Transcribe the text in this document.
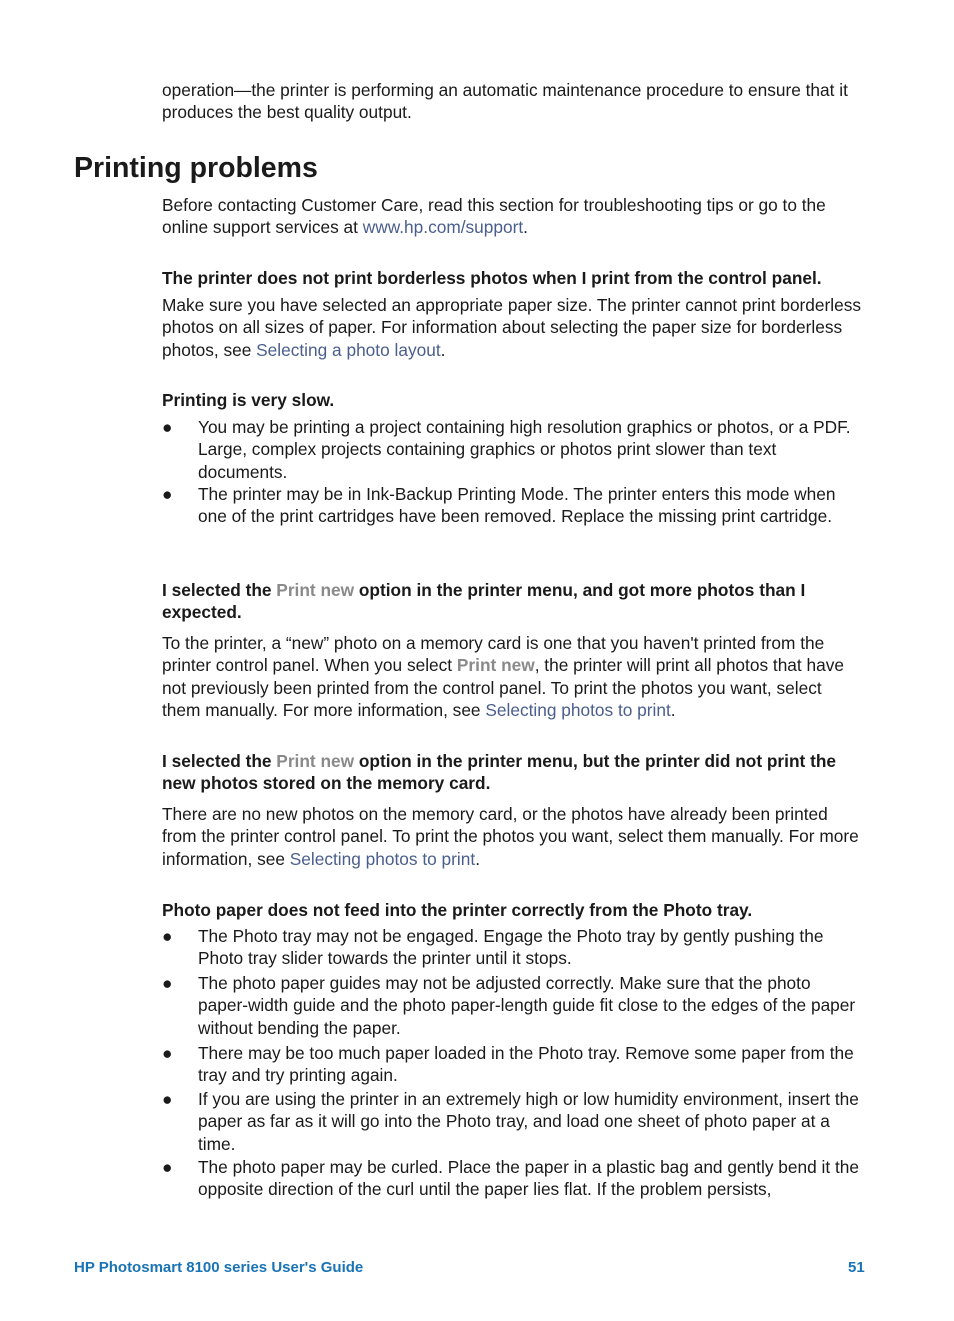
operation—the printer is performing an automatic maintenance procedure to ensure that it produces the best quality output.

Printing problems

Before contacting Customer Care, read this section for troubleshooting tips or go to the online support services at www.hp.com/support.

The printer does not print borderless photos when I print from the control panel.

Make sure you have selected an appropriate paper size. The printer cannot print borderless photos on all sizes of paper. For information about selecting the paper size for borderless photos, see Selecting a photo layout.

Printing is very slow.

● You may be printing a project containing high resolution graphics or photos, or a PDF. Large, complex projects containing graphics or photos print slower than text documents.
● The printer may be in Ink-Backup Printing Mode. The printer enters this mode when one of the print cartridges have been removed. Replace the missing print cartridge.

I selected the Print new option in the printer menu, and got more photos than I expected.

To the printer, a “new” photo on a memory card is one that you haven't printed from the printer control panel. When you select Print new, the printer will print all photos that have not previously been printed from the control panel. To print the photos you want, select them manually. For more information, see Selecting photos to print.

I selected the Print new option in the printer menu, but the printer did not print the new photos stored on the memory card.

There are no new photos on the memory card, or the photos have already been printed from the printer control panel. To print the photos you want, select them manually. For more information, see Selecting photos to print.

Photo paper does not feed into the printer correctly from the Photo tray.

● The Photo tray may not be engaged. Engage the Photo tray by gently pushing the Photo tray slider towards the printer until it stops.
● The photo paper guides may not be adjusted correctly. Make sure that the photo paper-width guide and the photo paper-length guide fit close to the edges of the paper without bending the paper.
● There may be too much paper loaded in the Photo tray. Remove some paper from the tray and try printing again.
● If you are using the printer in an extremely high or low humidity environment, insert the paper as far as it will go into the Photo tray, and load one sheet of photo paper at a time.
● The photo paper may be curled. Place the paper in a plastic bag and gently bend it the opposite direction of the curl until the paper lies flat. If the problem persists,
HP Photosmart 8100 series User's Guide	51
